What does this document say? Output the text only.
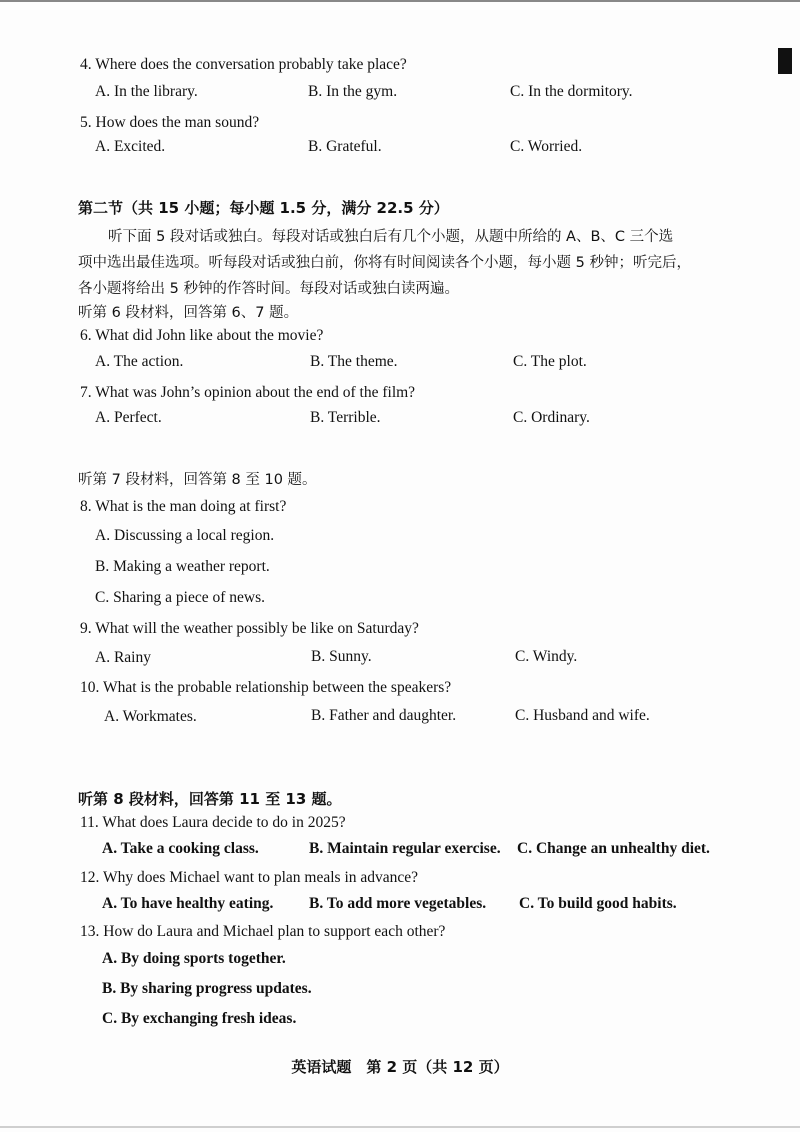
4. Where does the conversation probably take place?
A. In the library.	B. In the gym.	C. In the dormitory.
5. How does the man sound?
A. Excited.	B. Grateful.	C. Worried.
第二节（共 15 小题；每小题 1.5 分，满分 22.5 分）
听下面 5 段对话或独白。每段对话或独白后有几个小题，从题中所给的 A、B、C 三个选
项中选出最佳选项。听每段对话或独白前，你将有时间阅读各个小题，每小题 5 秒钟；听完后，
各小题将给出 5 秒钟的作答时间。每段对话或独白读两遍。
听第 6 段材料，回答第 6、7 题。
6. What did John like about the movie?
A. The action.	B. The theme.	C. The plot.
7. What was John’s opinion about the end of the film?
A. Perfect.	B. Terrible.	C. Ordinary.
听第 7 段材料，回答第 8 至 10 题。
8. What is the man doing at first?
A. Discussing a local region.
B. Making a weather report.
C. Sharing a piece of news.
9. What will the weather possibly be like on Saturday?
A. Rainy	B. Sunny.	C. Windy.
10. What is the probable relationship between the speakers?
A. Workmates.	B. Father and daughter.	C. Husband and wife.
听第 8 段材料，回答第 11 至 13 题。
11. What does Laura decide to do in 2025?
A. Take a cooking class.	B. Maintain regular exercise. C. Change an unhealthy diet.
12. Why does Michael want to plan meals in advance?
A. To have healthy eating. B. To add more vegetables. C. To build good habits.
13. How do Laura and Michael plan to support each other?
A. By doing sports together.
B. By sharing progress updates.
C. By exchanging fresh ideas.
英语试题　第 2 页（共 12 页）
